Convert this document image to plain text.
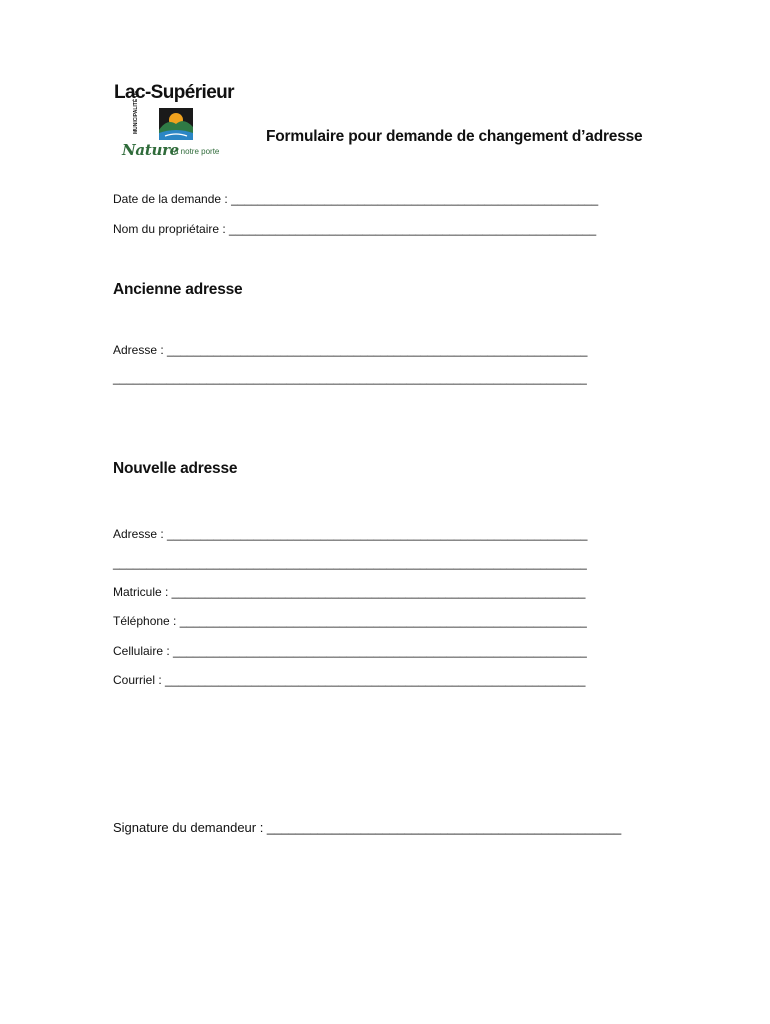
Lac-Supérieur
MUNICIPALITÉ DE
Nature
à notre porte
Formulaire pour demande de changement d’adresse
Date de la demande : _______________________________________________________
Nom du propriétaire : _______________________________________________________
Ancienne adresse
Adresse : _______________________________________________________________
_______________________________________________________________________
Nouvelle adresse
Adresse : _______________________________________________________________
_______________________________________________________________________
Matricule : ______________________________________________________________
Téléphone : _____________________________________________________________
Cellulaire : ______________________________________________________________
Courriel : _______________________________________________________________
Signature du demandeur : _________________________________________________
